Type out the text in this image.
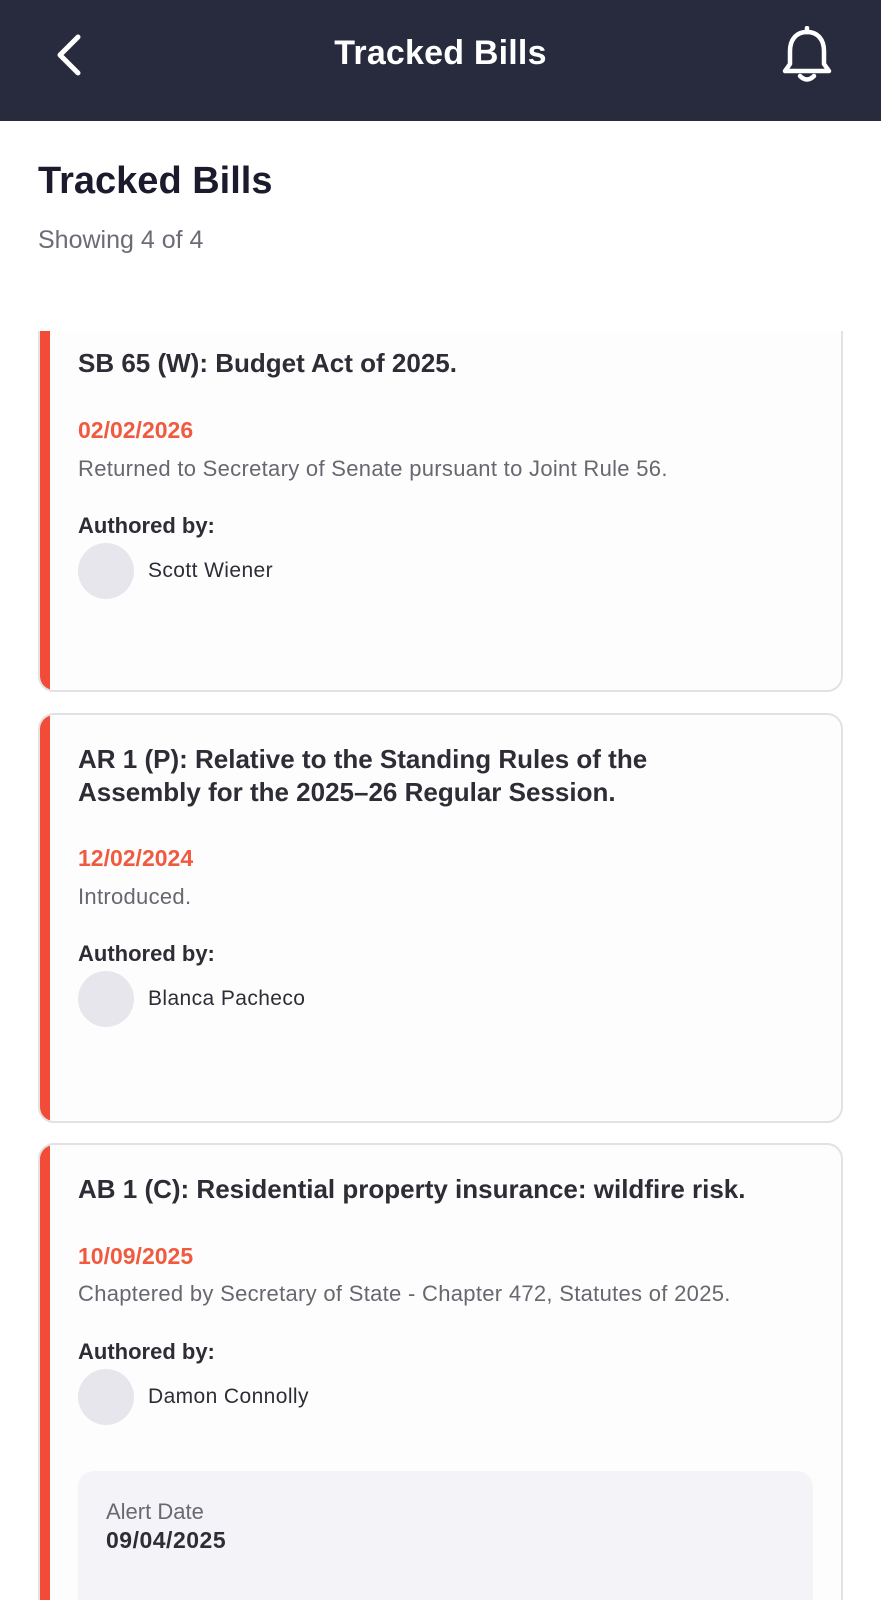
Tracked Bills
Tracked Bills
Showing 4 of 4
SB 65 (W): Budget Act of 2025.
02/02/2026
Returned to Secretary of Senate pursuant to Joint Rule 56.
Authored by:
Scott Wiener
AR 1 (P): Relative to the Standing Rules of the Assembly for the 2025–26 Regular Session.
12/02/2024
Introduced.
Authored by:
Blanca Pacheco
AB 1 (C): Residential property insurance: wildfire risk.
10/09/2025
Chaptered by Secretary of State - Chapter 472, Statutes of 2025.
Authored by:
Damon Connolly
Alert Date
09/04/2025
